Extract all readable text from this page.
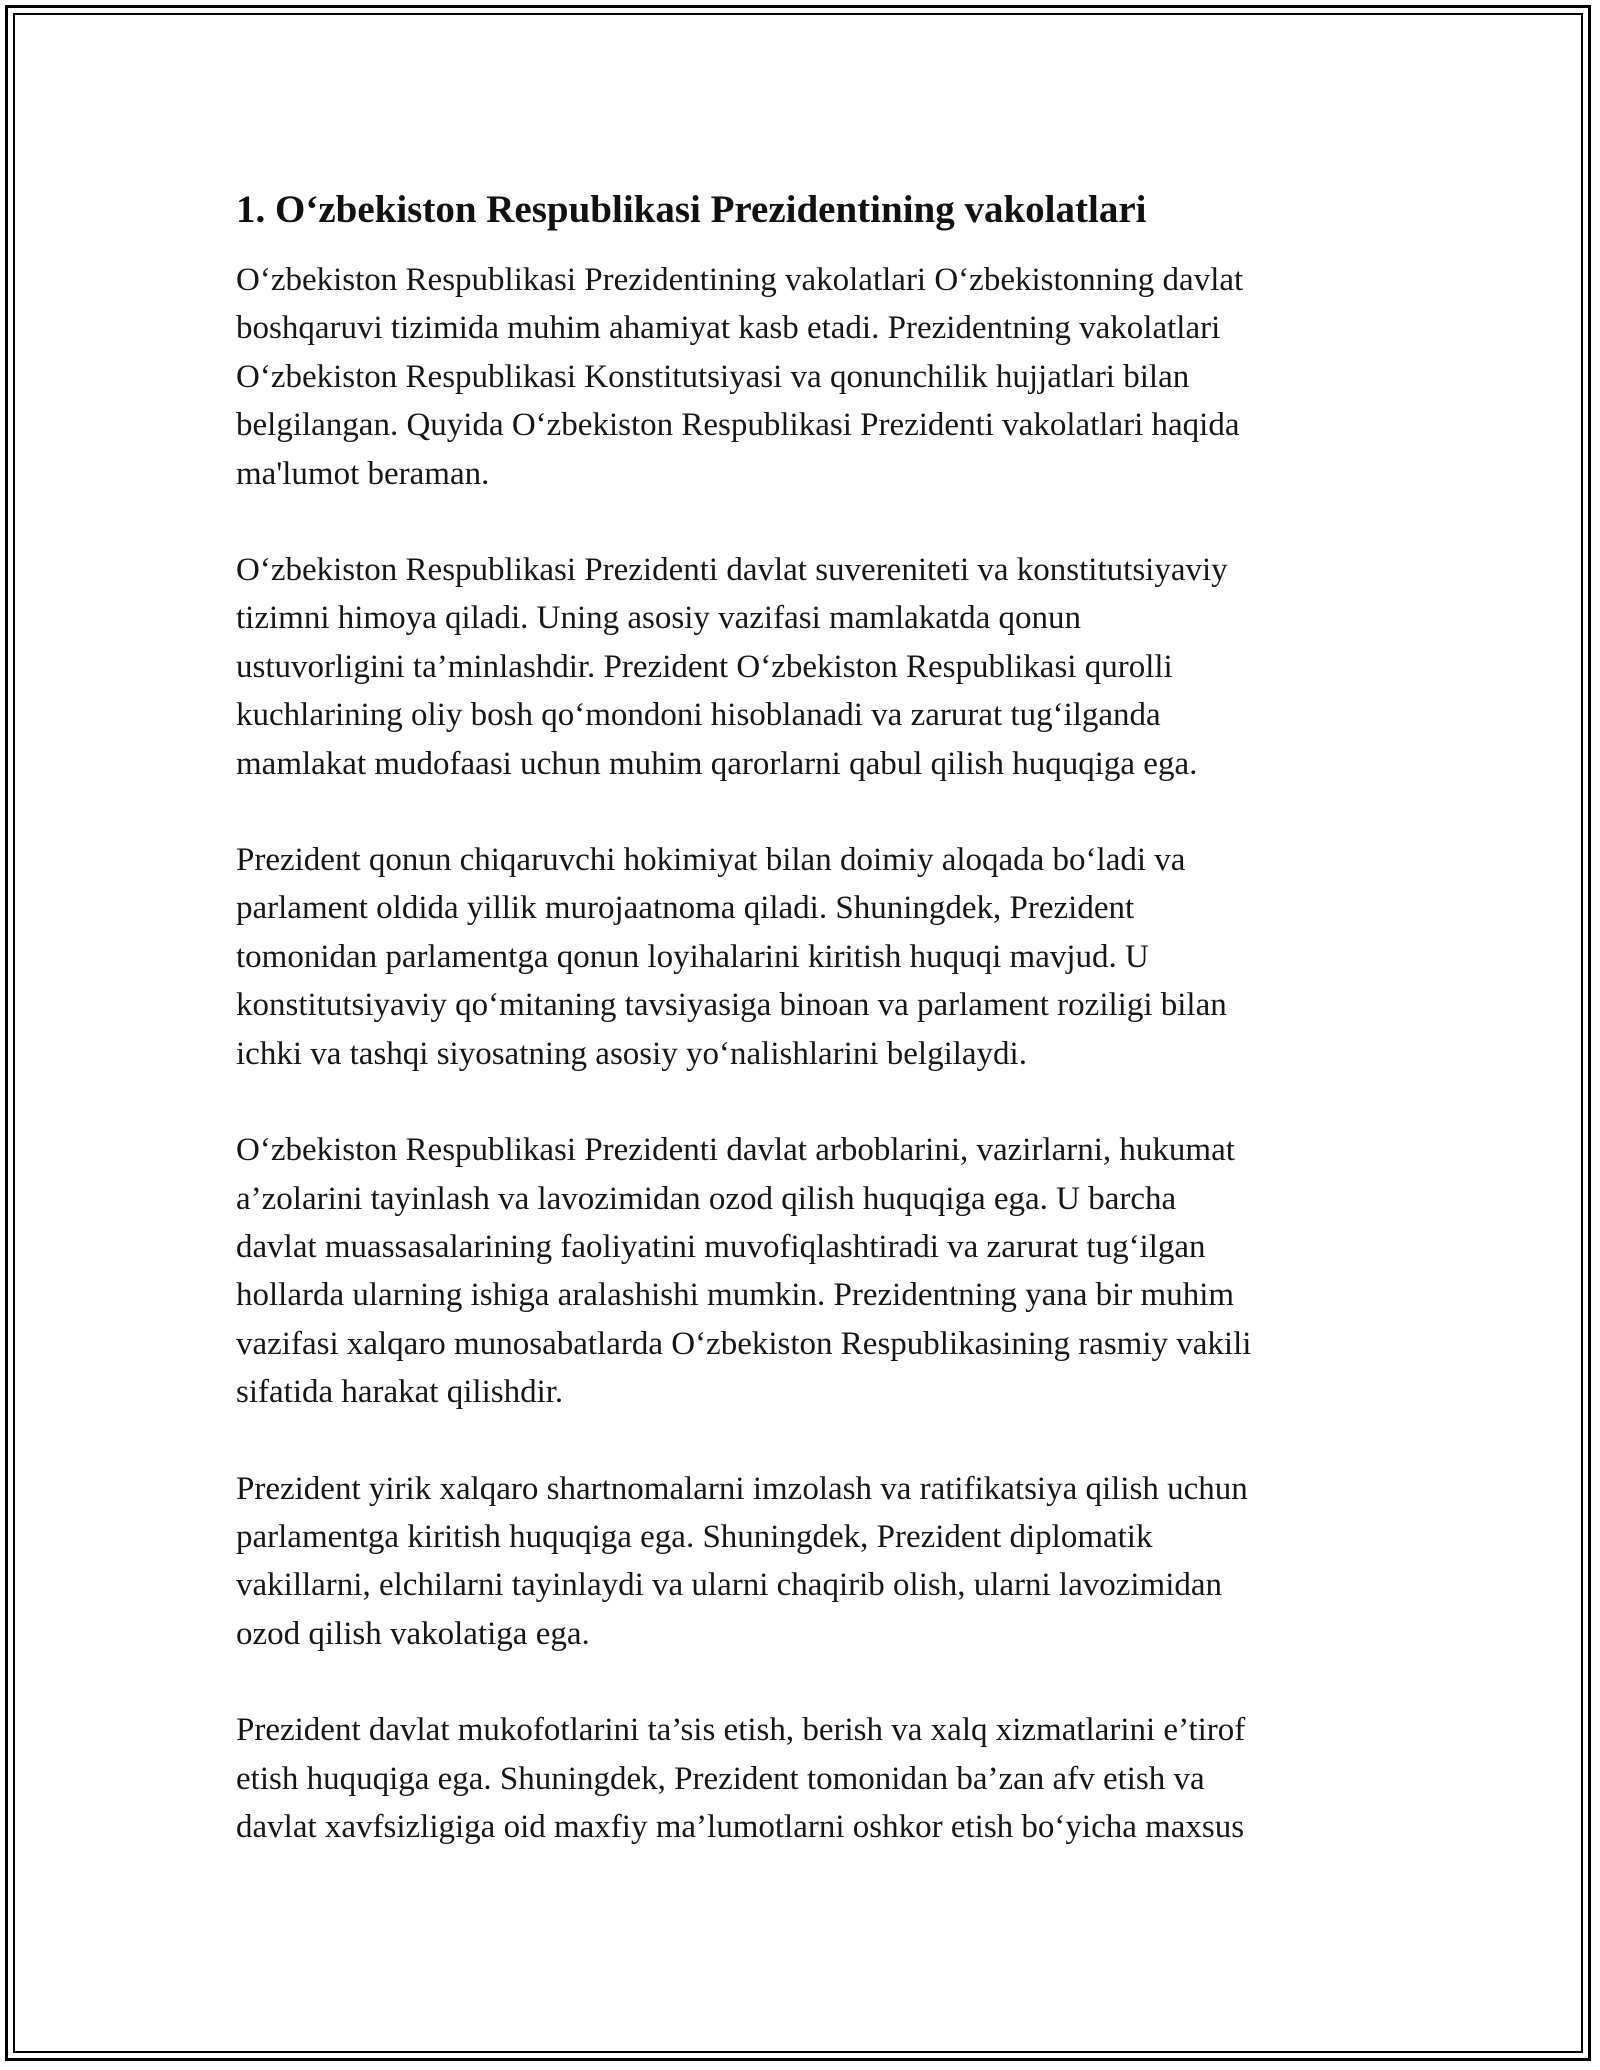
1. O‘zbekiston Respublikasi Prezidentining vakolatlari

O‘zbekiston Respublikasi Prezidentining vakolatlari O‘zbekistonning davlat
boshqaruvi tizimida muhim ahamiyat kasb etadi. Prezidentning vakolatlari
O‘zbekiston Respublikasi Konstitutsiyasi va qonunchilik hujjatlari bilan
belgilangan. Quyida O‘zbekiston Respublikasi Prezidenti vakolatlari haqida
ma'lumot beraman.

O‘zbekiston Respublikasi Prezidenti davlat suvereniteti va konstitutsiyaviy
tizimni himoya qiladi. Uning asosiy vazifasi mamlakatda qonun
ustuvorligini ta’minlashdir. Prezident O‘zbekiston Respublikasi qurolli
kuchlarining oliy bosh qo‘mondoni hisoblanadi va zarurat tug‘ilganda
mamlakat mudofaasi uchun muhim qarorlarni qabul qilish huquqiga ega.

Prezident qonun chiqaruvchi hokimiyat bilan doimiy aloqada bo‘ladi va
parlament oldida yillik murojaatnoma qiladi. Shuningdek, Prezident
tomonidan parlamentga qonun loyihalarini kiritish huquqi mavjud. U
konstitutsiyaviy qo‘mitaning tavsiyasiga binoan va parlament roziligi bilan
ichki va tashqi siyosatning asosiy yo‘nalishlarini belgilaydi.

O‘zbekiston Respublikasi Prezidenti davlat arboblarini, vazirlarni, hukumat
a’zolarini tayinlash va lavozimidan ozod qilish huquqiga ega. U barcha
davlat muassasalarining faoliyatini muvofiqlashtiradi va zarurat tug‘ilgan
hollarda ularning ishiga aralashishi mumkin. Prezidentning yana bir muhim
vazifasi xalqaro munosabatlarda O‘zbekiston Respublikasining rasmiy vakili
sifatida harakat qilishdir.

Prezident yirik xalqaro shartnomalarni imzolash va ratifikatsiya qilish uchun
parlamentga kiritish huquqiga ega. Shuningdek, Prezident diplomatik
vakillarni, elchilarni tayinlaydi va ularni chaqirib olish, ularni lavozimidan
ozod qilish vakolatiga ega.

Prezident davlat mukofotlarini ta’sis etish, berish va xalq xizmatlarini e’tirof
etish huquqiga ega. Shuningdek, Prezident tomonidan ba’zan afv etish va
davlat xavfsizligiga oid maxfiy ma’lumotlarni oshkor etish bo‘yicha maxsus
